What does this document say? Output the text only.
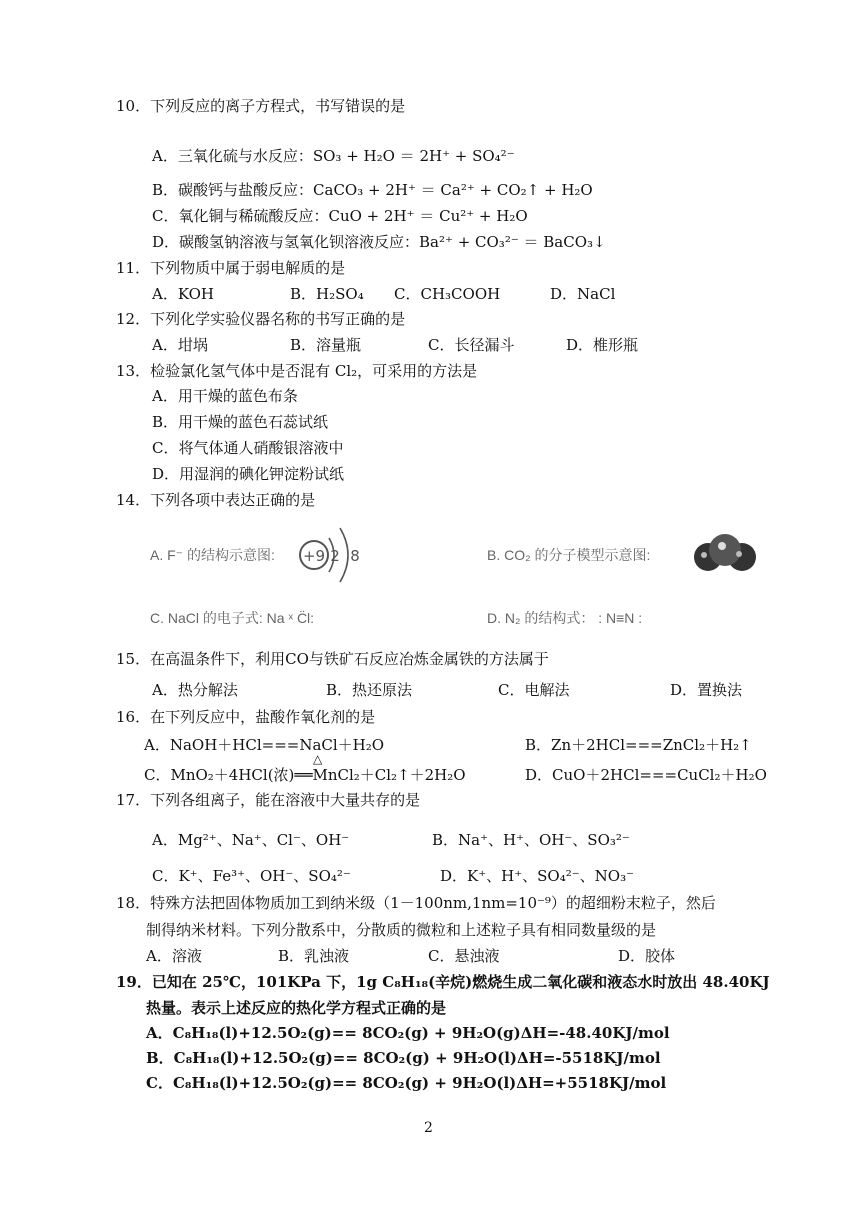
10．下列反应的离子方程式，书写错误的是
A．三氧化硫与水反应：SO₃ + H₂O ＝ 2H⁺ + SO₄²⁻
B．碳酸钙与盐酸反应：CaCO₃ + 2H⁺ ＝ Ca²⁺ + CO₂↑ + H₂O
C．氧化铜与稀硫酸反应：CuO + 2H⁺ ＝ Cu²⁺ + H₂O
D．碳酸氢钠溶液与氢氧化钡溶液反应：Ba²⁺ + CO₃²⁻ ＝ BaCO₃↓
11．下列物质中属于弱电解质的是
A．KOH	B．H₂SO₄ C．CH₃COOH	D．NaCl
12．下列化学实验仪器名称的书写正确的是
A．坩埚	B．溶量瓶	C．长径漏斗	D．椎形瓶
13．检验氯化氢气体中是否混有 Cl₂，可采用的方法是
A．用干燥的蓝色布条
B．用干燥的蓝色石蕊试纸
C．将气体通人硝酸银溶液中
D．用湿润的碘化钾淀粉试纸
14．下列各项中表达正确的是
A. F⁻ 的结构示意图: +9 2 8	B. CO₂ 的分子模型示意图:
C. NaCl 的电子式: Na ˣ C̈l:	D. N₂ 的结构式： : N≡N :
15．在高温条件下，利用CO与铁矿石反应冶炼金属铁的方法属于
A．热分解法	B．热还原法	C．电解法	D．置换法
16．在下列反应中，盐酸作氧化剂的是
A．NaOH＋HCl===NaCl＋H₂O	B．Zn＋2HCl===ZnCl₂＋H₂↑
△
C．MnO₂＋4HCl(浓)══MnCl₂＋Cl₂↑＋2H₂O	D．CuO＋2HCl===CuCl₂＋H₂O
17．下列各组离子，能在溶液中大量共存的是
A．Mg²⁺、Na⁺、Cl⁻、OH⁻	B．Na⁺、H⁺、OH⁻、SO₃²⁻
C．K⁺、Fe³⁺、OH⁻、SO₄²⁻	D．K⁺、H⁺、SO₄²⁻、NO₃⁻
18．特殊方法把固体物质加工到纳米级（1－100nm,1nm=10⁻⁹）的超细粉末粒子，然后
制得纳米材料。下列分散系中，分散质的微粒和上述粒子具有相同数量级的是
A．溶液	B．乳浊液	C．悬浊液	D．胶体
19．已知在 25℃，101KPa 下，1g C₈H₁₈(辛烷)燃烧生成二氧化碳和液态水时放出 48.40KJ
热量。表示上述反应的热化学方程式正确的是
A．C₈H₁₈(l)+12.5O₂(g)== 8CO₂(g) + 9H₂O(g)ΔH=-48.40KJ/mol
B．C₈H₁₈(l)+12.5O₂(g)== 8CO₂(g) + 9H₂O(l)ΔH=-5518KJ/mol
C．C₈H₁₈(l)+12.5O₂(g)== 8CO₂(g) + 9H₂O(l)ΔH=+5518KJ/mol
2
